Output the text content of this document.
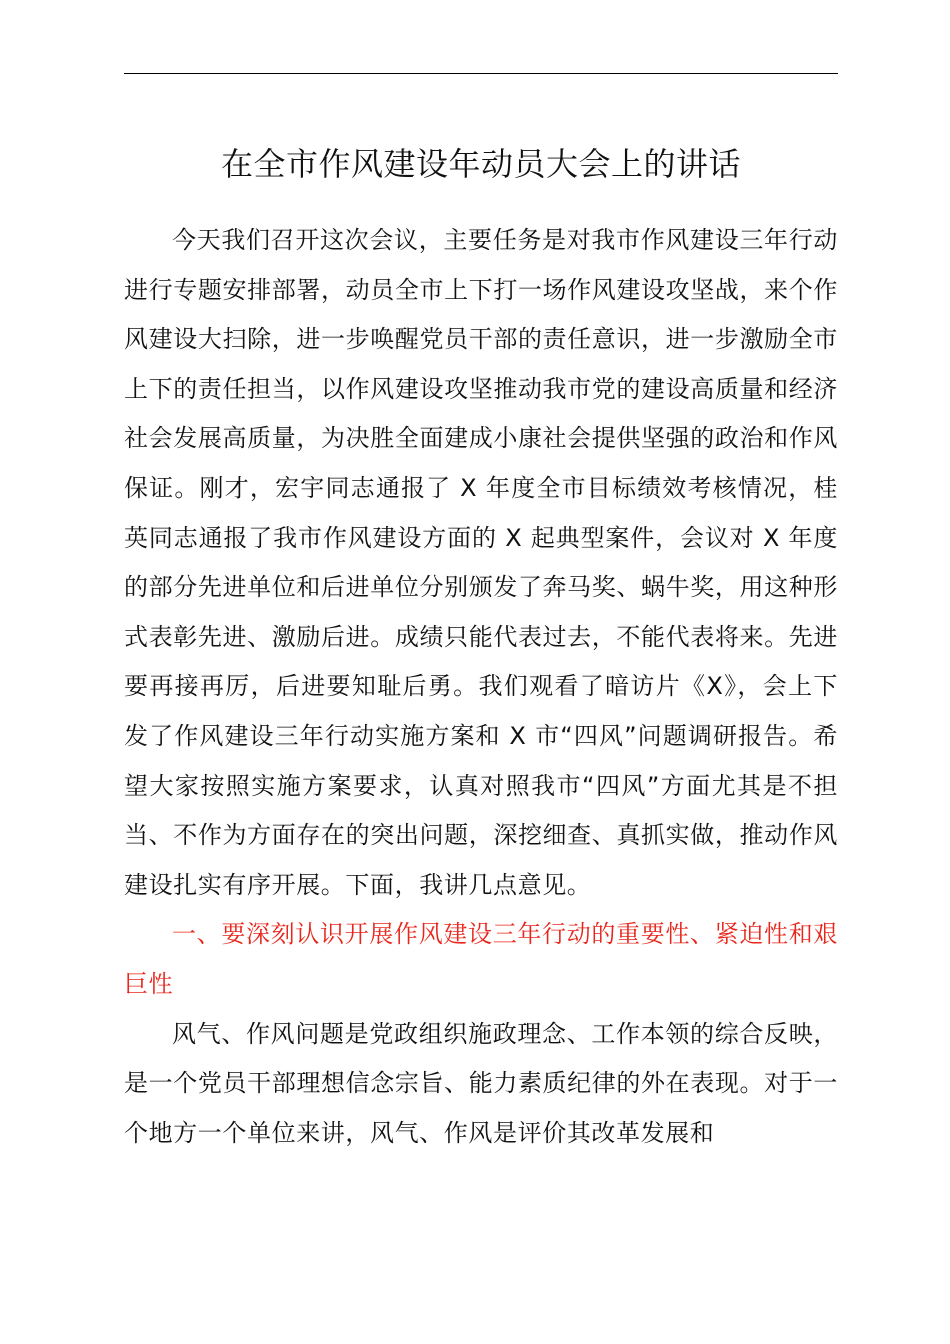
在全市作风建设年动员大会上的讲话

今天我们召开这次会议，主要任务是对我市作风建设三年行动进行专题安排部署，动员全市上下打一场作风建设攻坚战，来个作风建设大扫除，进一步唤醒党员干部的责任意识，进一步激励全市上下的责任担当，以作风建设攻坚推动我市党的建设高质量和经济社会发展高质量，为决胜全面建成小康社会提供坚强的政治和作风保证。刚才，宏宇同志通报了 X 年度全市目标绩效考核情况，桂英同志通报了我市作风建设方面的 X 起典型案件，会议对 X 年度的部分先进单位和后进单位分别颁发了奔马奖、蜗牛奖，用这种形式表彰先进、激励后进。成绩只能代表过去，不能代表将来。先进要再接再厉，后进要知耻后勇。我们观看了暗访片《X》，会上下发了作风建设三年行动实施方案和 X 市“四风”问题调研报告。希望大家按照实施方案要求，认真对照我市“四风”方面尤其是不担当、不作为方面存在的突出问题，深挖细查、真抓实做，推动作风建设扎实有序开展。下面，我讲几点意见。

一、要深刻认识开展作风建设三年行动的重要性、紧迫性和艰巨性

风气、作风问题是党政组织施政理念、工作本领的综合反映，是一个党员干部理想信念宗旨、能力素质纪律的外在表现。对于一个地方一个单位来讲，风气、作风是评价其改革发展和
